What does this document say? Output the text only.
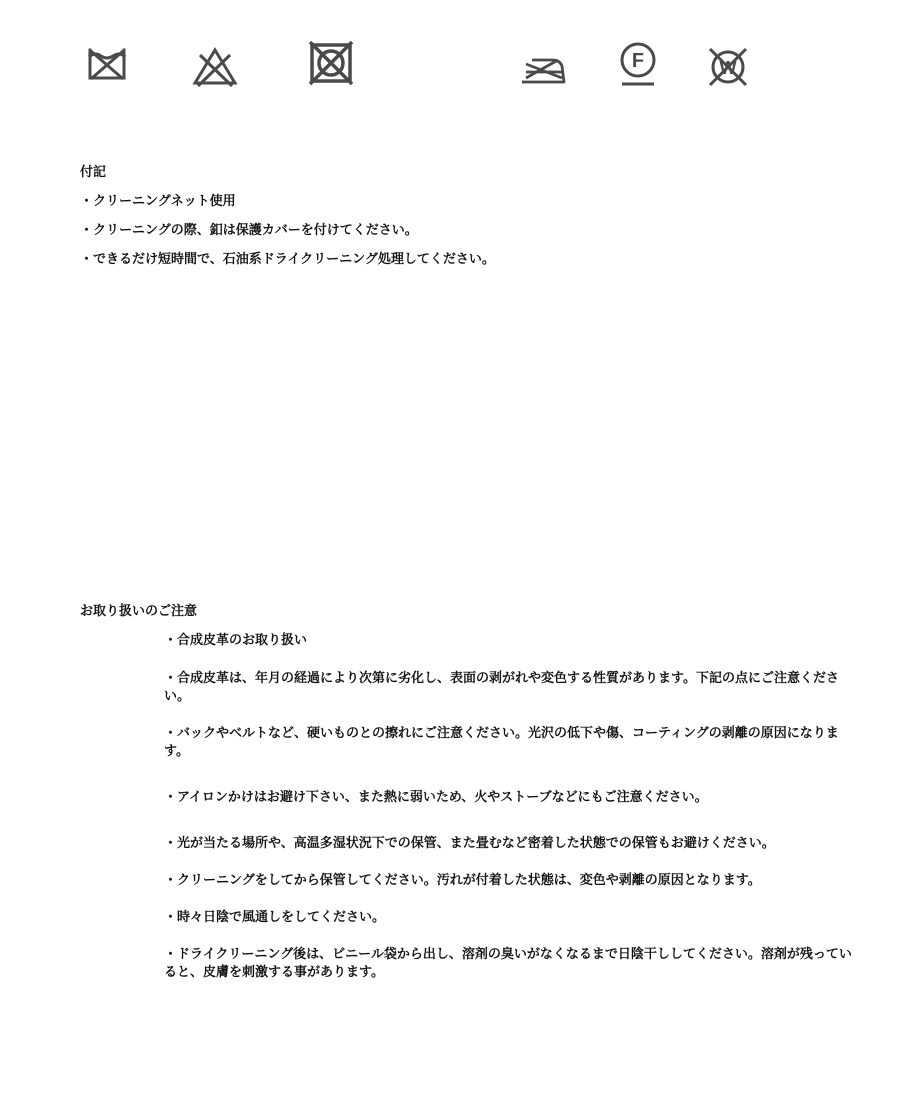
F	W
付記
・クリーニングネット使用
・クリーニングの際、釦は保護カバーを付けてください。
・できるだけ短時間で、石油系ドライクリーニング処理してください。
お取り扱いのご注意
・合成皮革のお取り扱い
・合成皮革は、年月の経過により次第に劣化し、表面の剥がれや変色する性質があります。下記の点にご注意ください。
・バックやベルトなど、硬いものとの擦れにご注意ください。光沢の低下や傷、コーティングの剥離の原因になります。
・アイロンかけはお避け下さい、また熱に弱いため、火やストーブなどにもご注意ください。
・光が当たる場所や、高温多湿状況下での保管、また畳むなど密着した状態での保管もお避けください。
・クリーニングをしてから保管してください。汚れが付着した状態は、変色や剥離の原因となります。
・時々日陰で風通しをしてください。
・ドライクリーニング後は、ビニール袋から出し、溶剤の臭いがなくなるまで日陰干ししてください。溶剤が残っていると、皮膚を刺激する事があります。
